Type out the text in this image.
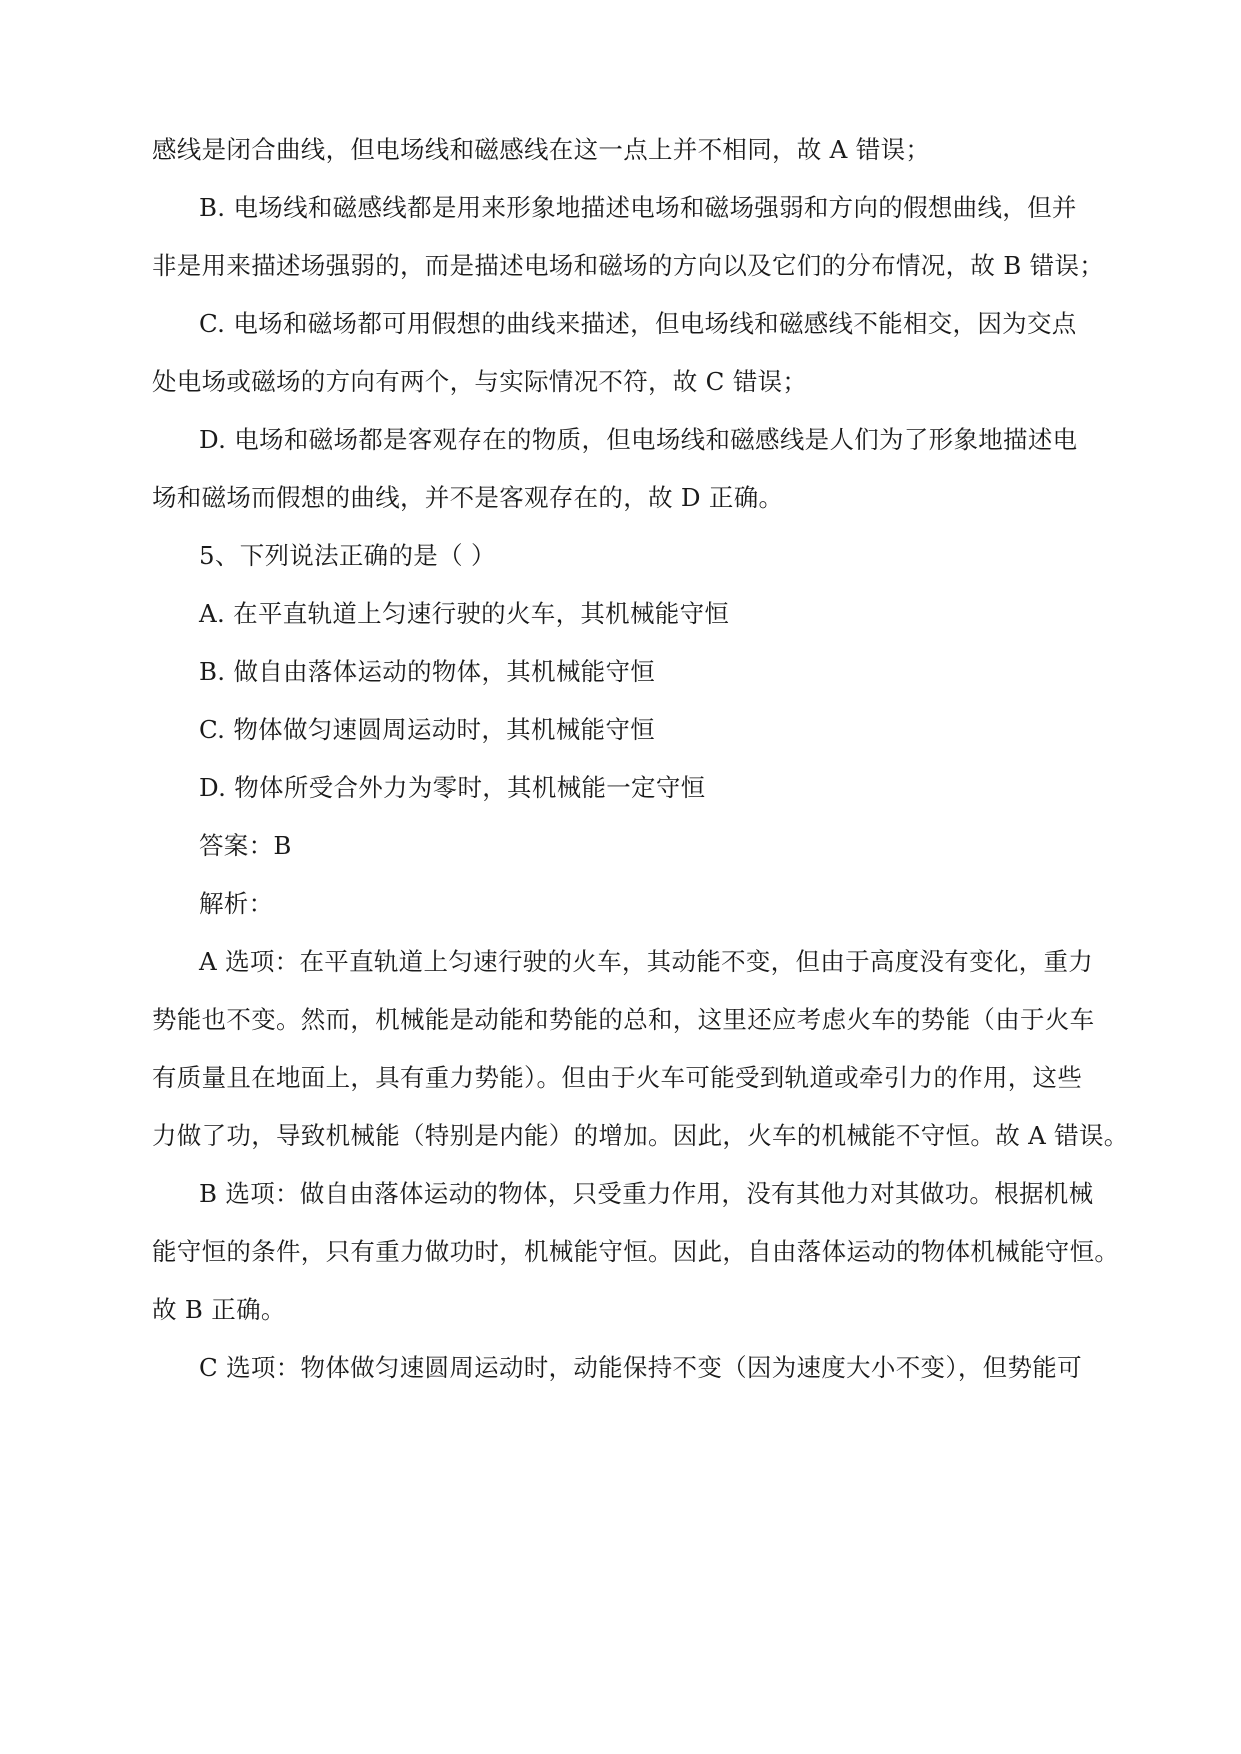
感线是闭合曲线，但电场线和磁感线在这一点上并不相同，故 A 错误；
B. 电场线和磁感线都是用来形象地描述电场和磁场强弱和方向的假想曲线，但并
非是用来描述场强弱的，而是描述电场和磁场的方向以及它们的分布情况，故 B 错误；
C. 电场和磁场都可用假想的曲线来描述，但电场线和磁感线不能相交，因为交点
处电场或磁场的方向有两个，与实际情况不符，故 C 错误；
D. 电场和磁场都是客观存在的物质，但电场线和磁感线是人们为了形象地描述电
场和磁场而假想的曲线，并不是客观存在的，故 D 正确。
5、下列说法正确的是（ ）
A. 在平直轨道上匀速行驶的火车，其机械能守恒
B. 做自由落体运动的物体，其机械能守恒
C. 物体做匀速圆周运动时，其机械能守恒
D. 物体所受合外力为零时，其机械能一定守恒
答案：B
解析：
A 选项：在平直轨道上匀速行驶的火车，其动能不变，但由于高度没有变化，重力
势能也不变。然而，机械能是动能和势能的总和，这里还应考虑火车的势能（由于火车
有质量且在地面上，具有重力势能）。但由于火车可能受到轨道或牵引力的作用，这些
力做了功，导致机械能（特别是内能）的增加。因此，火车的机械能不守恒。故 A 错误。
B 选项：做自由落体运动的物体，只受重力作用，没有其他力对其做功。根据机械
能守恒的条件，只有重力做功时，机械能守恒。因此，自由落体运动的物体机械能守恒。
故 B 正确。
C 选项：物体做匀速圆周运动时，动能保持不变（因为速度大小不变），但势能可
